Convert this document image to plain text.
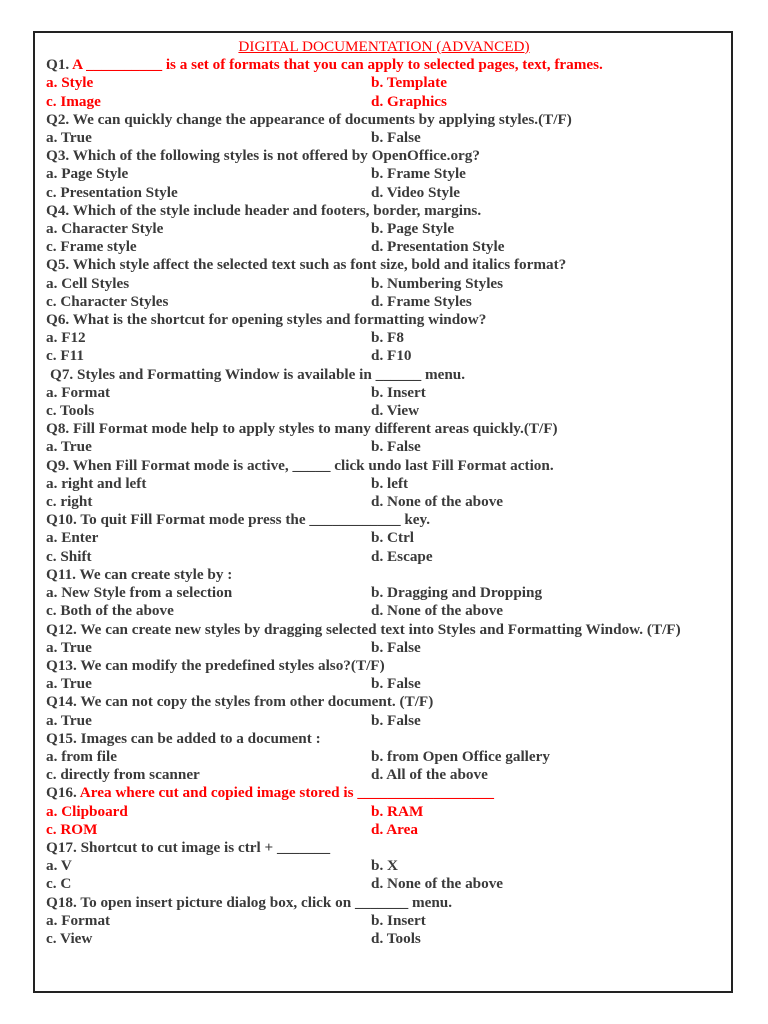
DIGITAL DOCUMENTATION (ADVANCED)
Q1. A __________ is a set of formats that you can apply to selected pages, text, frames.
a. Style	b. Template
c. Image	d. Graphics
Q2. We can quickly change the appearance of documents by applying styles.(T/F)
a. True	b. False
Q3. Which of the following styles is not offered by OpenOffice.org?
a. Page Style	b. Frame Style
c. Presentation Style	d. Video Style
Q4. Which of the style include header and footers, border, margins.
a. Character Style	b. Page Style
c. Frame style	d. Presentation Style
Q5. Which style affect the selected text such as font size, bold and italics format?
a. Cell Styles	b. Numbering Styles
c. Character Styles	d. Frame Styles
Q6. What is the shortcut for opening styles and formatting window?
a. F12	b. F8
c. F11	d. F10
Q7. Styles and Formatting Window is available in ______ menu.
a. Format	b. Insert
c. Tools	d. View
Q8. Fill Format mode help to apply styles to many different areas quickly.(T/F)
a. True	b. False
Q9. When Fill Format mode is active, _____ click undo last Fill Format action.
a. right and left	b. left
c. right	d. None of the above
Q10. To quit Fill Format mode press the ____________ key.
a. Enter	b. Ctrl
c. Shift	d. Escape
Q11. We can create style by :
a. New Style from a selection	b. Dragging and Dropping
c. Both of the above	d. None of the above
Q12. We can create new styles by dragging selected text into Styles and Formatting Window. (T/F)
a. True	b. False
Q13. We can modify the predefined styles also?(T/F)
a. True	b. False
Q14. We can not copy the styles from other document. (T/F)
a. True	b. False
Q15. Images can be added to a document :
a. from file	b. from Open Office gallery
c. directly from scanner	d. All of the above
Q16. Area where cut and copied image stored is __________________
a. Clipboard	b. RAM
c. ROM	d. Area
Q17. Shortcut to cut image is ctrl + _______
a. V	b. X
c. C	d. None of the above
Q18. To open insert picture dialog box, click on _______ menu.
a. Format	b. Insert
c. View	d. Tools
